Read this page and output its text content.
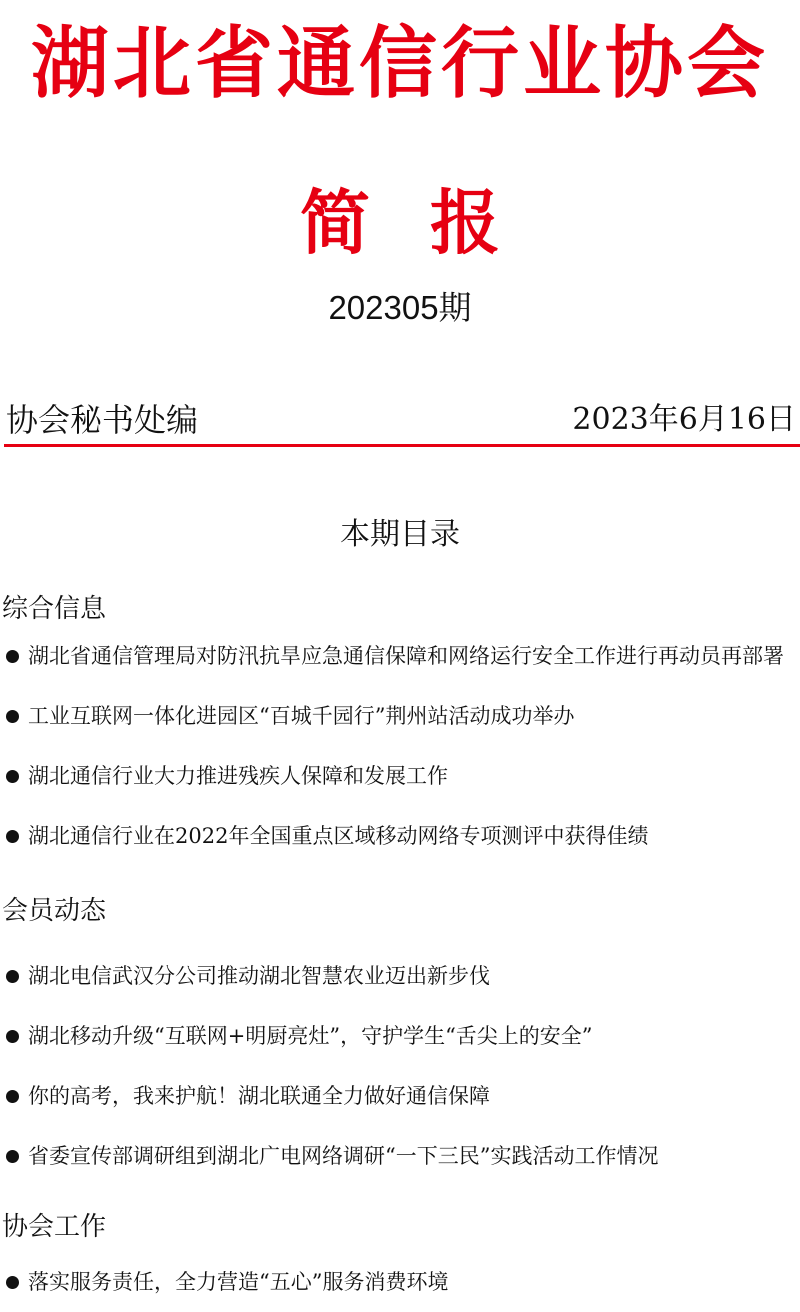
湖北省通信行业协会
简报
202305期
协会秘书处编	2023年6月16日
本期目录
综合信息
湖北省通信管理局对防汛抗旱应急通信保障和网络运行安全工作进行再动员再部署
工业互联网一体化进园区“百城千园行”荆州站活动成功举办
湖北通信行业大力推进残疾人保障和发展工作
湖北通信行业在2022年全国重点区域移动网络专项测评中获得佳绩
会员动态
湖北电信武汉分公司推动湖北智慧农业迈出新步伐
湖北移动升级“互联网+明厨亮灶”，守护学生“舌尖上的安全”
你的高考，我来护航！湖北联通全力做好通信保障
省委宣传部调研组到湖北广电网络调研“一下三民”实践活动工作情况
协会工作
落实服务责任，全力营造“五心”服务消费环境
